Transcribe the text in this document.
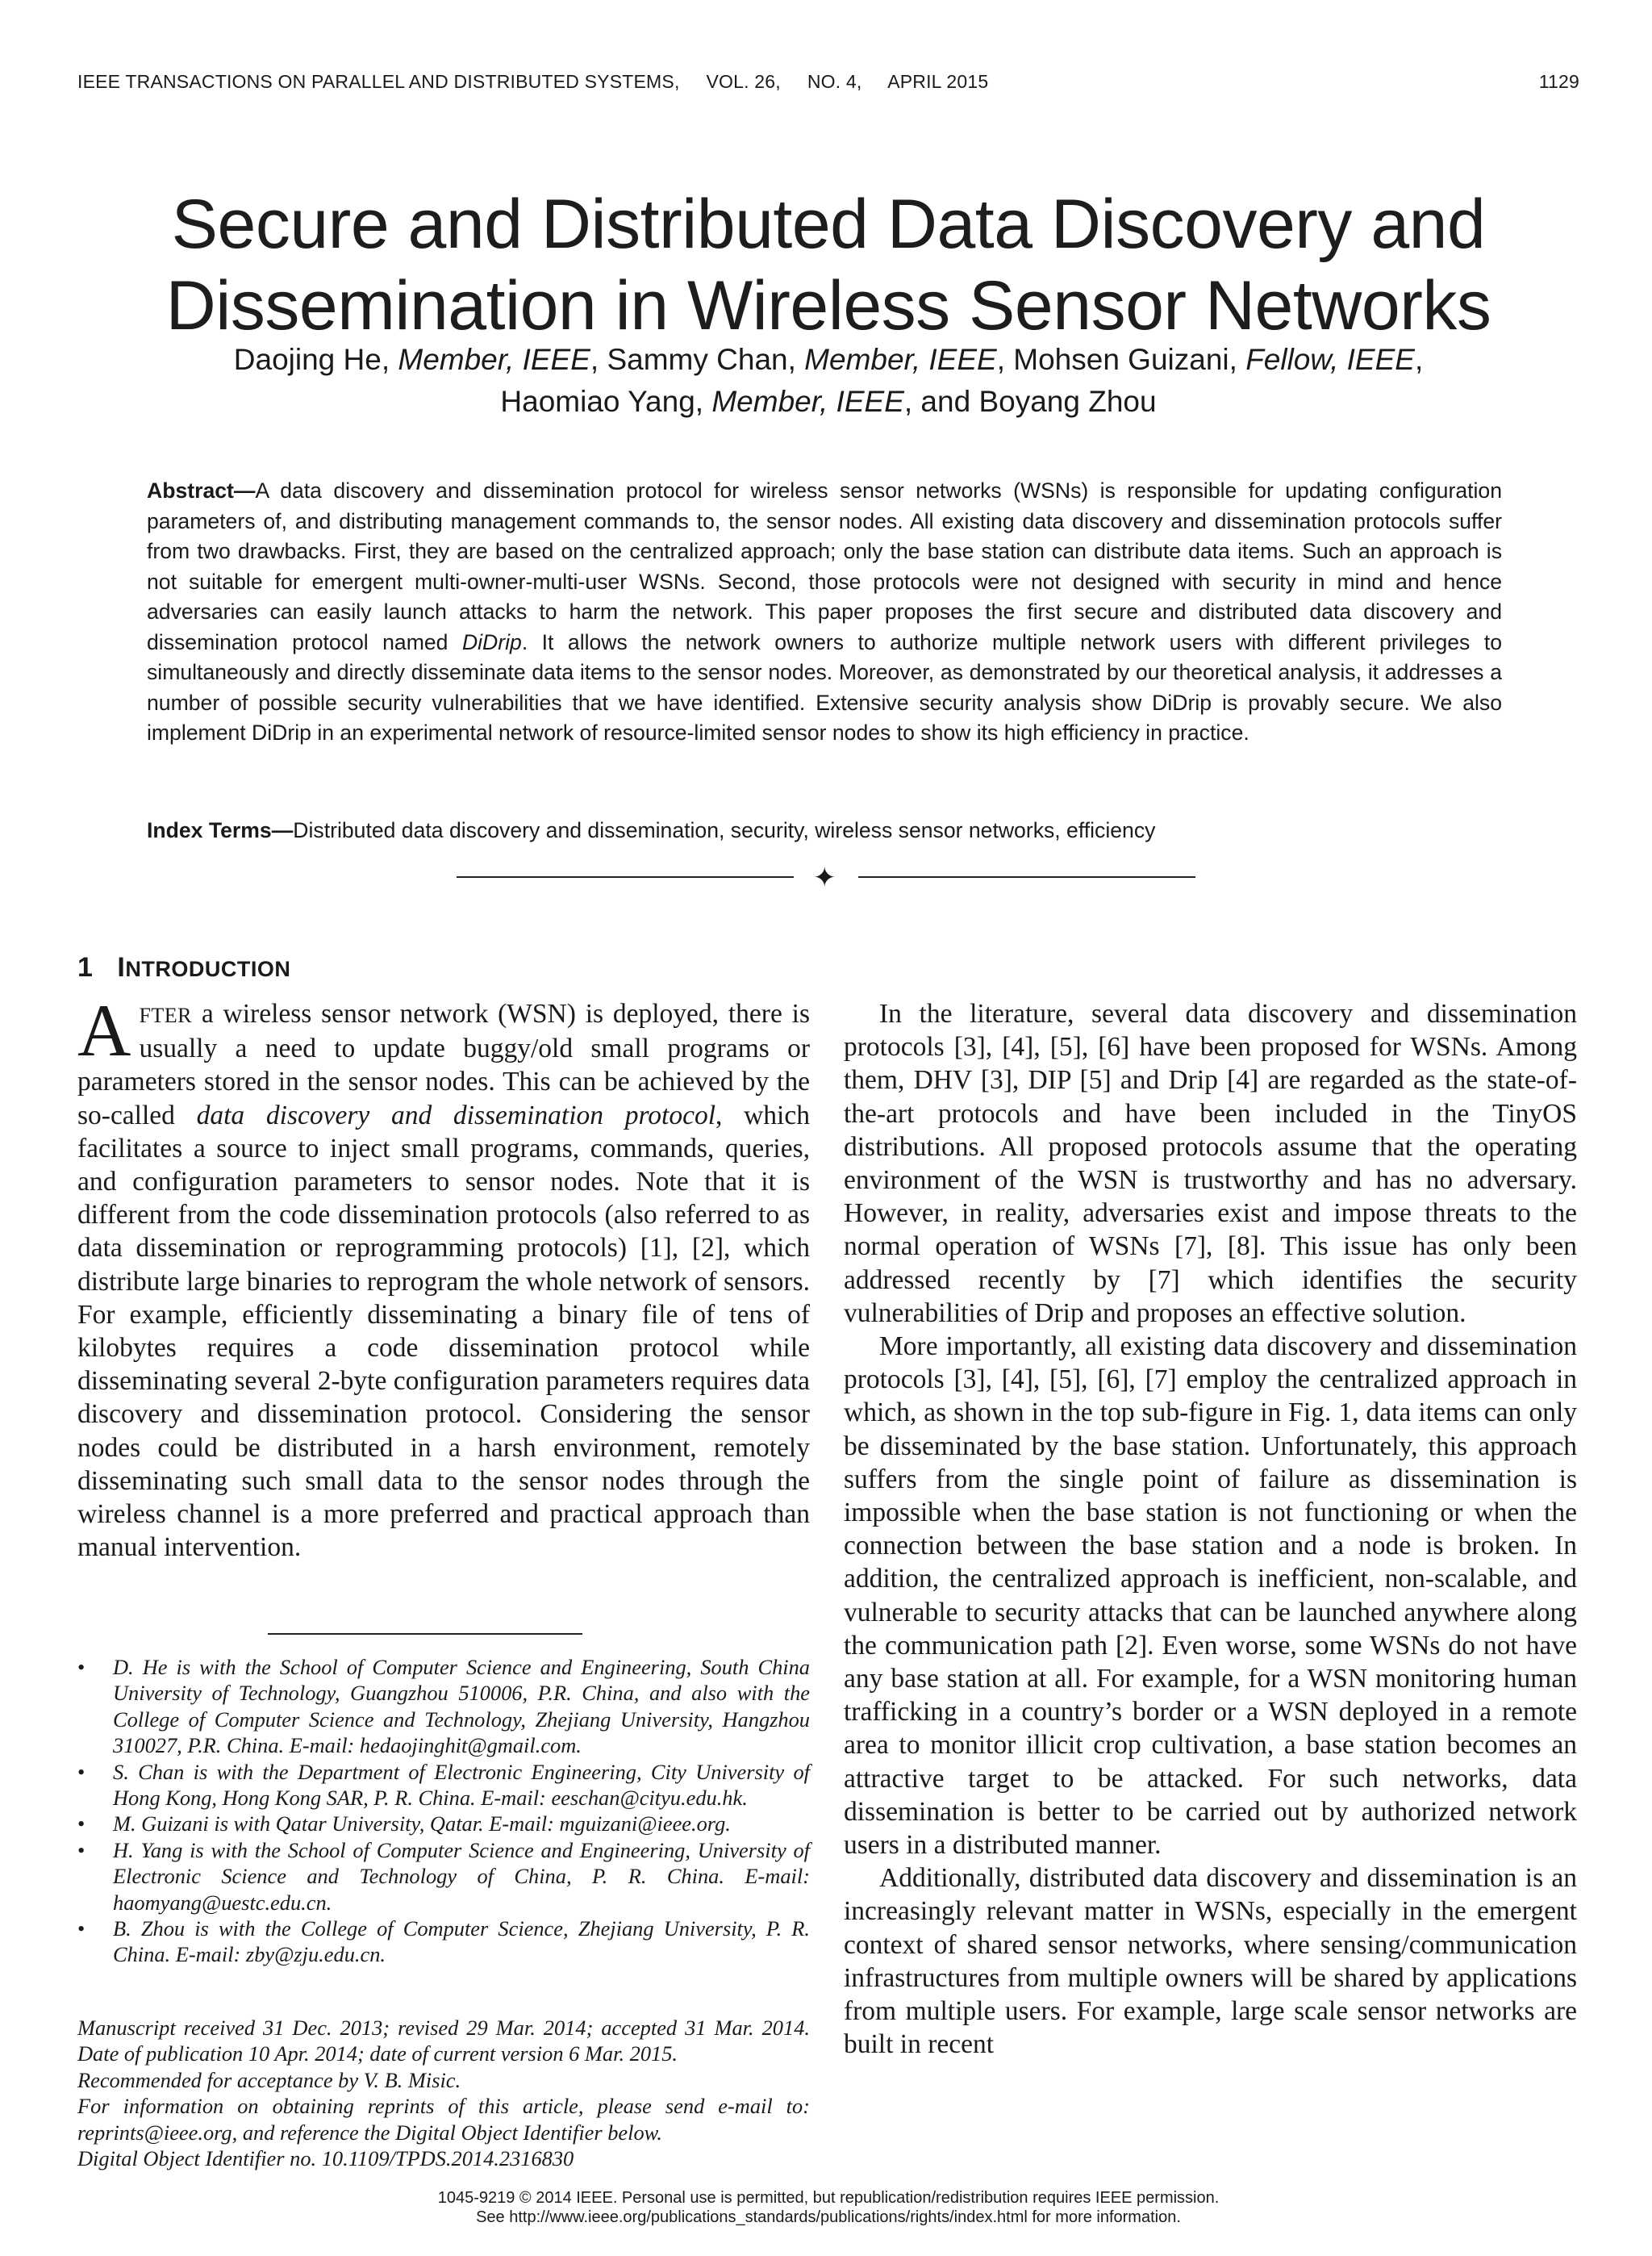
IEEE TRANSACTIONS ON PARALLEL AND DISTRIBUTED SYSTEMS, VOL. 26, NO. 4, APRIL 2015	1129
Secure and Distributed Data Discovery and
Dissemination in Wireless Sensor Networks
Daojing He, Member, IEEE, Sammy Chan, Member, IEEE, Mohsen Guizani, Fellow, IEEE,
Haomiao Yang, Member, IEEE, and Boyang Zhou
Abstract—A data discovery and dissemination protocol for wireless sensor networks (WSNs) is responsible for updating configuration parameters of, and distributing management commands to, the sensor nodes. All existing data discovery and dissemination protocols suffer from two drawbacks. First, they are based on the centralized approach; only the base station can distribute data items. Such an approach is not suitable for emergent multi-owner-multi-user WSNs. Second, those protocols were not designed with security in mind and hence adversaries can easily launch attacks to harm the network. This paper proposes the first secure and distributed data discovery and dissemination protocol named DiDrip. It allows the network owners to authorize multiple network users with different privileges to simultaneously and directly disseminate data items to the sensor nodes. Moreover, as demonstrated by our theoretical analysis, it addresses a number of possible security vulnerabilities that we have identified. Extensive security analysis show DiDrip is provably secure. We also implement DiDrip in an experimental network of resource-limited sensor nodes to show its high efficiency in practice.
Index Terms—Distributed data discovery and dissemination, security, wireless sensor networks, efficiency
✦
1 INTRODUCTION

AFTER a wireless sensor network (WSN) is deployed, there is usually a need to update buggy/old small programs or parameters stored in the sensor nodes. This can be achieved by the so-called data discovery and dissemination protocol, which facilitates a source to inject small programs, commands, queries, and configuration parameters to sensor nodes. Note that it is different from the code dissemination protocols (also referred to as data dissemination or reprogramming protocols) [1], [2], which distribute large binaries to reprogram the whole network of sensors. For example, efficiently disseminating a binary file of tens of kilobytes requires a code dissemination protocol while disseminating several 2-byte configuration parameters requires data discovery and dissemination protocol. Considering the sensor nodes could be distributed in a harsh environment, remotely disseminating such small data to the sensor nodes through the wireless channel is a more preferred and practical approach than manual intervention.

• D. He is with the School of Computer Science and Engineering, South China University of Technology, Guangzhou 510006, P.R. China, and also with the College of Computer Science and Technology, Zhejiang University, Hangzhou 310027, P.R. China. E-mail: hedaojinghit@gmail.com.
• S. Chan is with the Department of Electronic Engineering, City University of Hong Kong, Hong Kong SAR, P. R. China. E-mail: eeschan@cityu.edu.hk.
• M. Guizani is with Qatar University, Qatar. E-mail: mguizani@ieee.org.
• H. Yang is with the School of Computer Science and Engineering, University of Electronic Science and Technology of China, P. R. China. E-mail: haomyang@uestc.edu.cn.
• B. Zhou is with the College of Computer Science, Zhejiang University, P. R. China. E-mail: zby@zju.edu.cn.
Manuscript received 31 Dec. 2013; revised 29 Mar. 2014; accepted 31 Mar. 2014. Date of publication 10 Apr. 2014; date of current version 6 Mar. 2015.
Recommended for acceptance by V. B. Misic.
For information on obtaining reprints of this article, please send e-mail to: reprints@ieee.org, and reference the Digital Object Identifier below.
Digital Object Identifier no. 10.1109/TPDS.2014.2316830

In the literature, several data discovery and dissemination protocols [3], [4], [5], [6] have been proposed for WSNs. Among them, DHV [3], DIP [5] and Drip [4] are regarded as the state-of-the-art protocols and have been included in the TinyOS distributions. All proposed protocols assume that the operating environment of the WSN is trustworthy and has no adversary. However, in reality, adversaries exist and impose threats to the normal operation of WSNs [7], [8]. This issue has only been addressed recently by [7] which identifies the security vulnerabilities of Drip and proposes an effective solution.

More importantly, all existing data discovery and dissemination protocols [3], [4], [5], [6], [7] employ the centralized approach in which, as shown in the top sub-figure in Fig. 1, data items can only be disseminated by the base station. Unfortunately, this approach suffers from the single point of failure as dissemination is impossible when the base station is not functioning or when the connection between the base station and a node is broken. In addition, the centralized approach is inefficient, non-scalable, and vulnerable to security attacks that can be launched anywhere along the communication path [2]. Even worse, some WSNs do not have any base station at all. For example, for a WSN monitoring human trafficking in a country’s border or a WSN deployed in a remote area to monitor illicit crop cultivation, a base station becomes an attractive target to be attacked. For such networks, data dissemination is better to be carried out by authorized network users in a distributed manner.

Additionally, distributed data discovery and dissemination is an increasingly relevant matter in WSNs, especially in the emergent context of shared sensor networks, where sensing/communication infrastructures from multiple owners will be shared by applications from multiple users. For example, large scale sensor networks are built in recent

1045-9219 © 2014 IEEE. Personal use is permitted, but republication/redistribution requires IEEE permission.
See http://www.ieee.org/publications_standards/publications/rights/index.html for more information.
